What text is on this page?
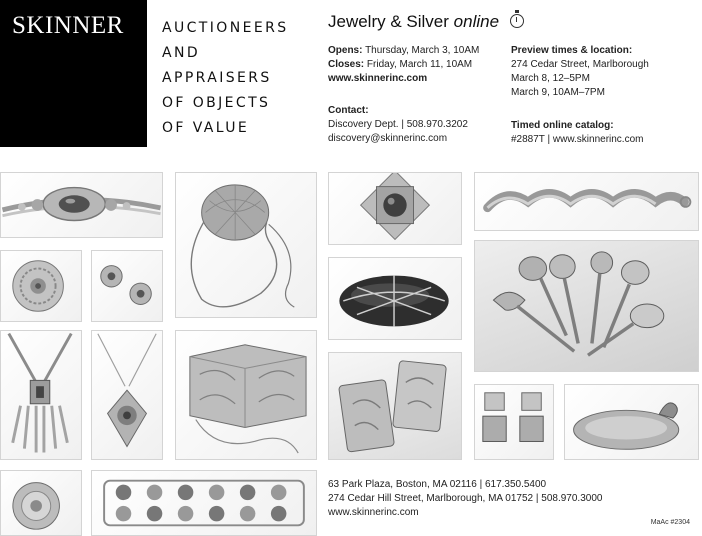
SKINNER	AUCTIONEERS
AND APPRAISERS
OF OBJECTS
OF VALUE
Jewelry & Silver online
Opens: Thursday, March 3, 10AM
Closes: Friday, March 11, 10AM
www.skinnerinc.com
Contact:
Discovery Dept. | 508.970.3202
discovery@skinnerinc.com
Preview times & location:
274 Cedar Street, Marlborough
March 8, 12–5PM
March 9, 10AM–7PM
Timed online catalog:
#2887T | www.skinnerinc.com
63 Park Plaza, Boston, MA 02116 | 617.350.5400
274 Cedar Hill Street, Marlborough, MA 01752 | 508.970.3000
www.skinnerinc.com
MaAc #2304
